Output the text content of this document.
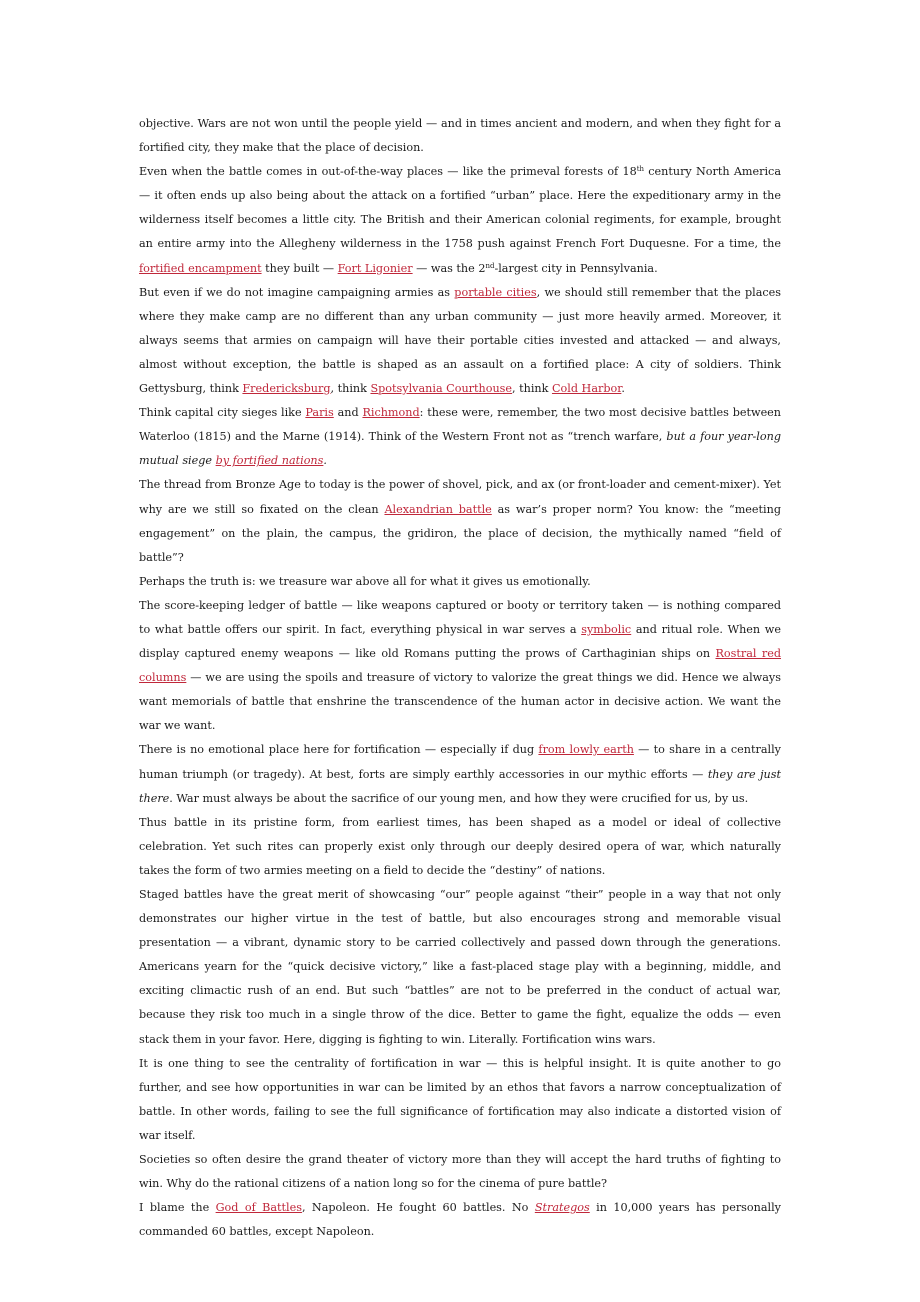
objective. Wars are not won until the people yield — and in times ancient and modern, and when they fight for a fortified city, they make that the place of decision.

Even when the battle comes in out-of-the-way places — like the primeval forests of 18th century North America — it often ends up also being about the attack on a fortified “urban” place. Here the expeditionary army in the wilderness itself becomes a little city. The British and their American colonial regiments, for example, brought an entire army into the Allegheny wilderness in the 1758 push against French Fort Duquesne. For a time, the fortified encampment they built — Fort Ligonier — was the 2nd-largest city in Pennsylvania.

But even if we do not imagine campaigning armies as portable cities, we should still remember that the places where they make camp are no different than any urban community — just more heavily armed. Moreover, it always seems that armies on campaign will have their portable cities invested and attacked — and always, almost without exception, the battle is shaped as an assault on a fortified place: A city of soldiers. Think Gettysburg, think Fredericksburg, think Spotsylvania Courthouse, think Cold Harbor.

Think capital city sieges like Paris and Richmond: these were, remember, the two most decisive battles between Waterloo (1815) and the Marne (1914). Think of the Western Front not as “trench warfare, but a four year-long mutual siege by fortified nations.

The thread from Bronze Age to today is the power of shovel, pick, and ax (or front-loader and cement-mixer). Yet why are we still so fixated on the clean Alexandrian battle as war’s proper norm? You know: the “meeting engagement” on the plain, the campus, the gridiron, the place of decision, the mythically named “field of battle”?

Perhaps the truth is: we treasure war above all for what it gives us emotionally.

The score-keeping ledger of battle — like weapons captured or booty or territory taken — is nothing compared to what battle offers our spirit. In fact, everything physical in war serves a symbolic and ritual role. When we display captured enemy weapons — like old Romans putting the prows of Carthaginian ships on Rostral red columns — we are using the spoils and treasure of victory to valorize the great things we did. Hence we always want memorials of battle that enshrine the transcendence of the human actor in decisive action. We want the war we want.

There is no emotional place here for fortification — especially if dug from lowly earth — to share in a centrally human triumph (or tragedy). At best, forts are simply earthly accessories in our mythic efforts — they are just there. War must always be about the sacrifice of our young men, and how they were crucified for us, by us.

Thus battle in its pristine form, from earliest times, has been shaped as a model or ideal of collective celebration. Yet such rites can properly exist only through our deeply desired opera of war, which naturally takes the form of two armies meeting on a field to decide the “destiny” of nations.

Staged battles have the great merit of showcasing “our” people against “their” people in a way that not only demonstrates our higher virtue in the test of battle, but also encourages strong and memorable visual presentation — a vibrant, dynamic story to be carried collectively and passed down through the generations. Americans yearn for the “quick decisive victory,” like a fast-placed stage play with a beginning, middle, and exciting climactic rush of an end. But such “battles” are not to be preferred in the conduct of actual war, because they risk too much in a single throw of the dice. Better to game the fight, equalize the odds — even stack them in your favor. Here, digging is fighting to win. Literally. Fortification wins wars.

It is one thing to see the centrality of fortification in war — this is helpful insight. It is quite another to go further, and see how opportunities in war can be limited by an ethos that favors a narrow conceptualization of battle. In other words, failing to see the full significance of fortification may also indicate a distorted vision of war itself.

Societies so often desire the grand theater of victory more than they will accept the hard truths of fighting to win. Why do the rational citizens of a nation long so for the cinema of pure battle?

I blame the God of Battles, Napoleon. He fought 60 battles. No Strategos in 10,000 years has personally commanded 60 battles, except Napoleon.
